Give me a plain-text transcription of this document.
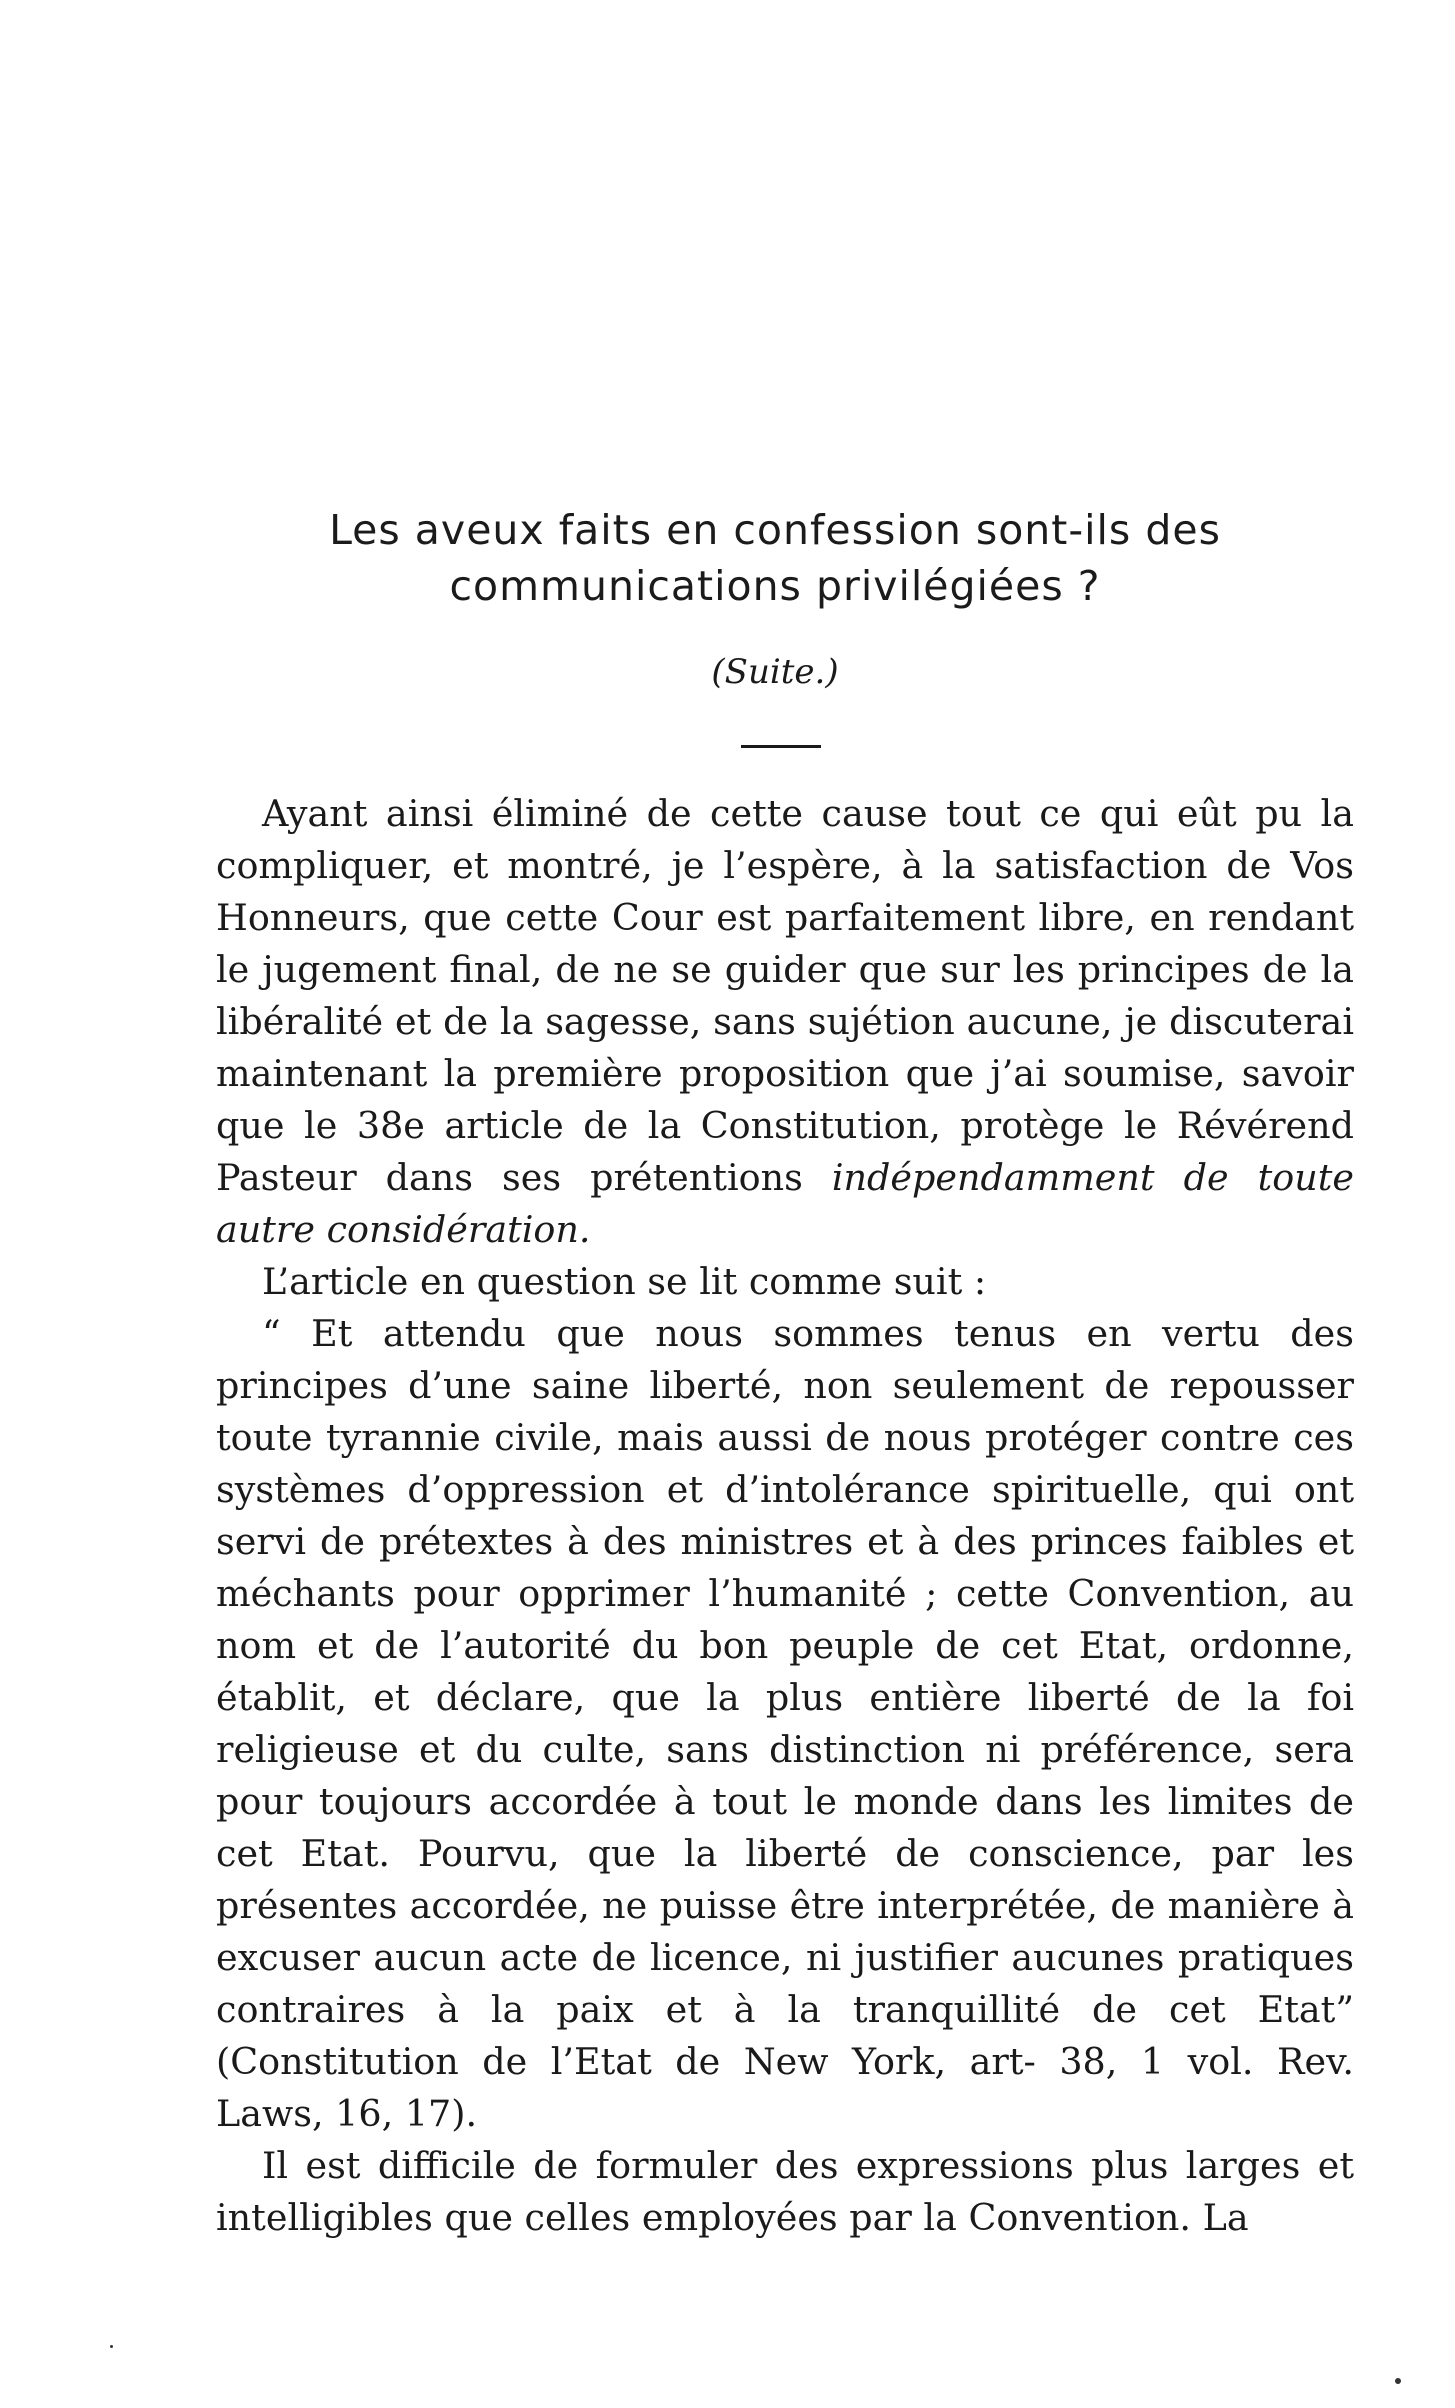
Les aveux faits en confession sont-ils des
communications privilégiées ?
(Suite.)

Ayant ainsi éliminé de cette cause tout ce qui eût pu la compliquer, et montré, je l’espère, à la satisfaction de Vos Honneurs, que cette Cour est parfaitement libre, en rendant le jugement final, de ne se guider que sur les principes de la libéralité et de la sagesse, sans sujétion aucune, je discuterai maintenant la première proposition que j’ai soumise, savoir que le 38e article de la Constitution, protège le Révérend Pasteur dans ses prétentions indépendamment de toute autre considération.

L’article en question se lit comme suit :

“ Et attendu que nous sommes tenus en vertu des principes d’une saine liberté, non seulement de repousser toute tyrannie civile, mais aussi de nous protéger contre ces systèmes d’oppression et d’intolérance spirituelle, qui ont servi de prétextes à des ministres et à des princes faibles et méchants pour opprimer l’humanité ; cette Convention, au nom et de l’autorité du bon peuple de cet Etat, ordonne, établit, et déclare, que la plus entière liberté de la foi religieuse et du culte, sans distinction ni préférence, sera pour toujours accordée à tout le monde dans les limites de cet Etat. Pourvu, que la liberté de conscience, par les présentes accordée, ne puisse être interprétée, de manière à excuser aucun acte de licence, ni justifier aucunes pratiques contraires à la paix et à la tranquillité de cet Etat” (Constitution de l’Etat de New York, art- 38, 1 vol. Rev. Laws, 16, 17).

Il est difficile de formuler des expressions plus larges et intelligibles que celles employées par la Convention. La
